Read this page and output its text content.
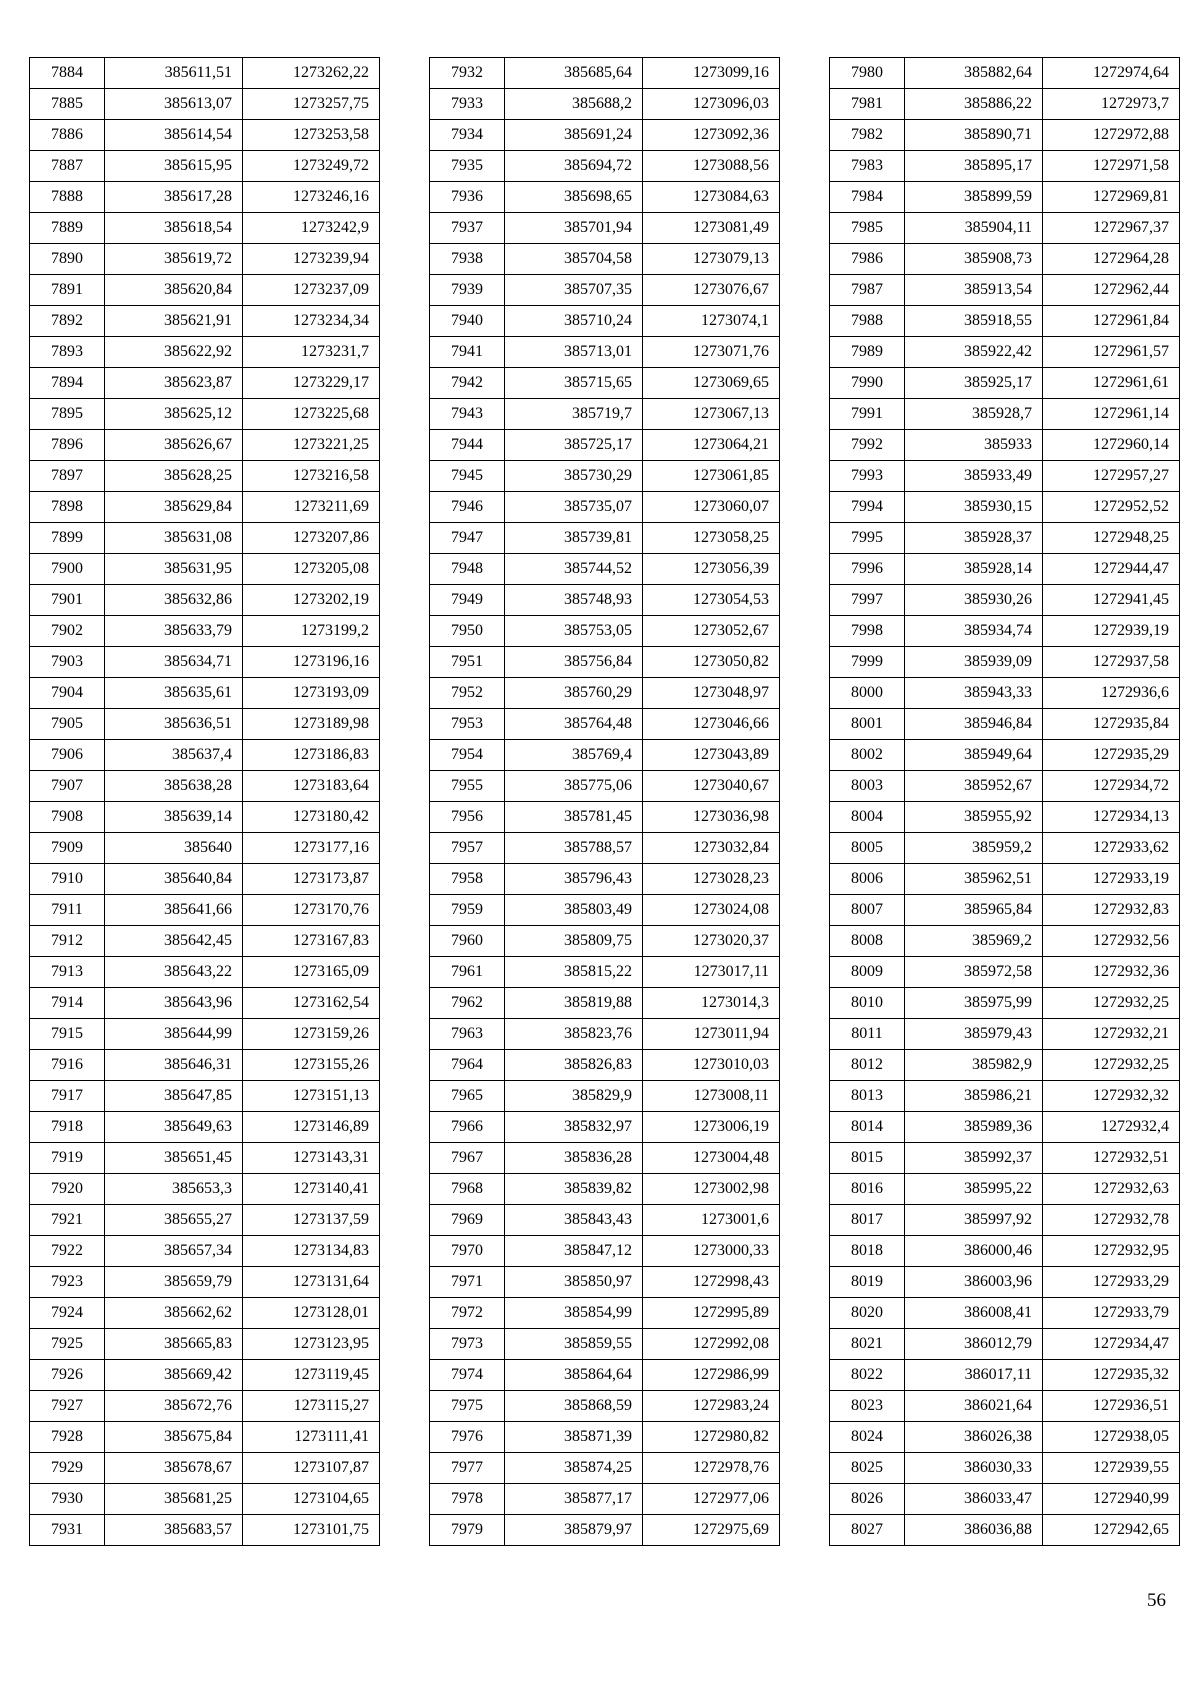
7884	385611,51	1273262,22
7885	385613,07	1273257,75
7886	385614,54	1273253,58
7887	385615,95	1273249,72
7888	385617,28	1273246,16
7889	385618,54	1273242,9
7890	385619,72	1273239,94
7891	385620,84	1273237,09
7892	385621,91	1273234,34
7893	385622,92	1273231,7
7894	385623,87	1273229,17
7895	385625,12	1273225,68
7896	385626,67	1273221,25
7897	385628,25	1273216,58
7898	385629,84	1273211,69
7899	385631,08	1273207,86
7900	385631,95	1273205,08
7901	385632,86	1273202,19
7902	385633,79	1273199,2
7903	385634,71	1273196,16
7904	385635,61	1273193,09
7905	385636,51	1273189,98
7906	385637,4	1273186,83
7907	385638,28	1273183,64
7908	385639,14	1273180,42
7909	385640	1273177,16
7910	385640,84	1273173,87
7911	385641,66	1273170,76
7912	385642,45	1273167,83
7913	385643,22	1273165,09
7914	385643,96	1273162,54
7915	385644,99	1273159,26
7916	385646,31	1273155,26
7917	385647,85	1273151,13
7918	385649,63	1273146,89
7919	385651,45	1273143,31
7920	385653,3	1273140,41
7921	385655,27	1273137,59
7922	385657,34	1273134,83
7923	385659,79	1273131,64
7924	385662,62	1273128,01
7925	385665,83	1273123,95
7926	385669,42	1273119,45
7927	385672,76	1273115,27
7928	385675,84	1273111,41
7929	385678,67	1273107,87
7930	385681,25	1273104,65
7931	385683,57	1273101,75
7932	385685,64	1273099,16
7933	385688,2	1273096,03
7934	385691,24	1273092,36
7935	385694,72	1273088,56
7936	385698,65	1273084,63
7937	385701,94	1273081,49
7938	385704,58	1273079,13
7939	385707,35	1273076,67
7940	385710,24	1273074,1
7941	385713,01	1273071,76
7942	385715,65	1273069,65
7943	385719,7	1273067,13
7944	385725,17	1273064,21
7945	385730,29	1273061,85
7946	385735,07	1273060,07
7947	385739,81	1273058,25
7948	385744,52	1273056,39
7949	385748,93	1273054,53
7950	385753,05	1273052,67
7951	385756,84	1273050,82
7952	385760,29	1273048,97
7953	385764,48	1273046,66
7954	385769,4	1273043,89
7955	385775,06	1273040,67
7956	385781,45	1273036,98
7957	385788,57	1273032,84
7958	385796,43	1273028,23
7959	385803,49	1273024,08
7960	385809,75	1273020,37
7961	385815,22	1273017,11
7962	385819,88	1273014,3
7963	385823,76	1273011,94
7964	385826,83	1273010,03
7965	385829,9	1273008,11
7966	385832,97	1273006,19
7967	385836,28	1273004,48
7968	385839,82	1273002,98
7969	385843,43	1273001,6
7970	385847,12	1273000,33
7971	385850,97	1272998,43
7972	385854,99	1272995,89
7973	385859,55	1272992,08
7974	385864,64	1272986,99
7975	385868,59	1272983,24
7976	385871,39	1272980,82
7977	385874,25	1272978,76
7978	385877,17	1272977,06
7979	385879,97	1272975,69
7980	385882,64	1272974,64
7981	385886,22	1272973,7
7982	385890,71	1272972,88
7983	385895,17	1272971,58
7984	385899,59	1272969,81
7985	385904,11	1272967,37
7986	385908,73	1272964,28
7987	385913,54	1272962,44
7988	385918,55	1272961,84
7989	385922,42	1272961,57
7990	385925,17	1272961,61
7991	385928,7	1272961,14
7992	385933	1272960,14
7993	385933,49	1272957,27
7994	385930,15	1272952,52
7995	385928,37	1272948,25
7996	385928,14	1272944,47
7997	385930,26	1272941,45
7998	385934,74	1272939,19
7999	385939,09	1272937,58
8000	385943,33	1272936,6
8001	385946,84	1272935,84
8002	385949,64	1272935,29
8003	385952,67	1272934,72
8004	385955,92	1272934,13
8005	385959,2	1272933,62
8006	385962,51	1272933,19
8007	385965,84	1272932,83
8008	385969,2	1272932,56
8009	385972,58	1272932,36
8010	385975,99	1272932,25
8011	385979,43	1272932,21
8012	385982,9	1272932,25
8013	385986,21	1272932,32
8014	385989,36	1272932,4
8015	385992,37	1272932,51
8016	385995,22	1272932,63
8017	385997,92	1272932,78
8018	386000,46	1272932,95
8019	386003,96	1272933,29
8020	386008,41	1272933,79
8021	386012,79	1272934,47
8022	386017,11	1272935,32
8023	386021,64	1272936,51
8024	386026,38	1272938,05
8025	386030,33	1272939,55
8026	386033,47	1272940,99
8027	386036,88	1272942,65
56
